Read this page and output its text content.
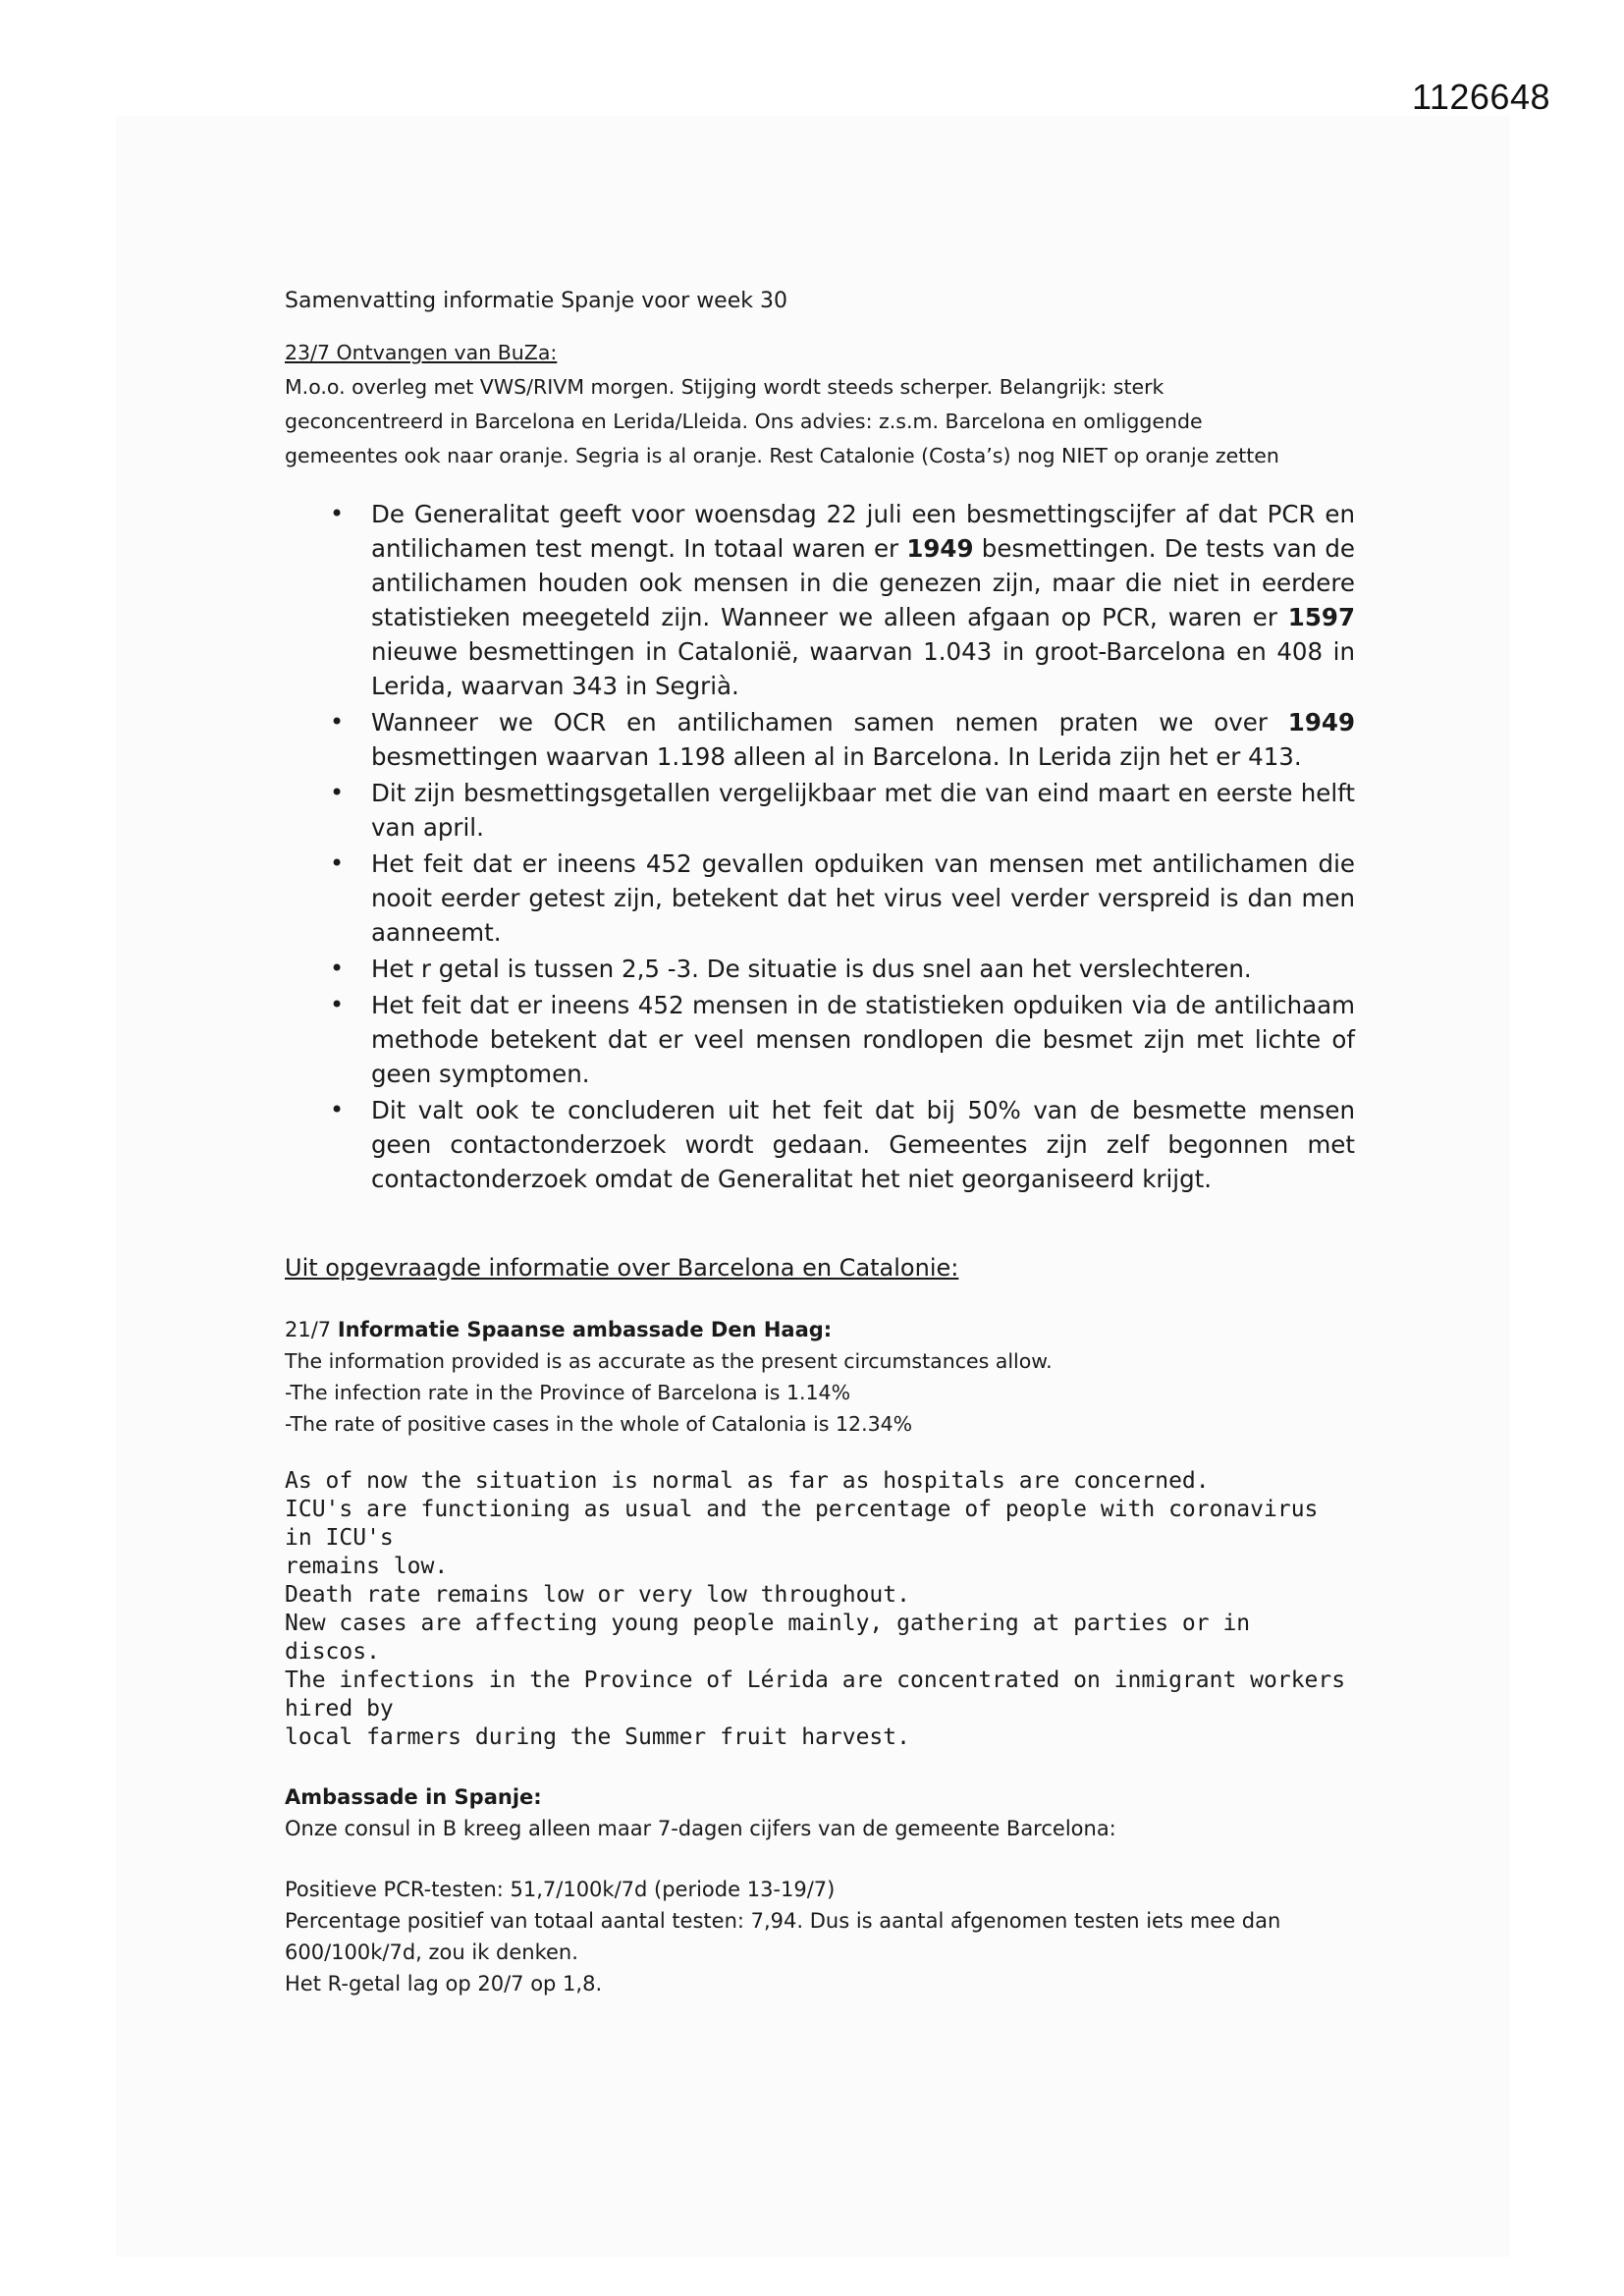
1126648

Samenvatting informatie Spanje voor week 30

23/7 Ontvangen van BuZa:

M.o.o. overleg met VWS/RIVM morgen. Stijging wordt steeds scherper. Belangrijk: sterk

geconcentreerd in Barcelona en Lerida/Lleida. Ons advies: z.s.m. Barcelona en omliggende

gemeentes ook naar oranje. Segria is al oranje. Rest Catalonie (Costa’s) nog NIET op oranje zetten

• De Generalitat geeft voor woensdag 22 juli een besmettingscijfer af dat PCR en antilichamen test mengt. In totaal waren er 1949 besmettingen. De tests van de antilichamen houden ook mensen in die genezen zijn, maar die niet in eerdere statistieken meegeteld zijn. Wanneer we alleen afgaan op PCR, waren er 1597 nieuwe besmettingen in Catalonië, waarvan 1.043 in groot-Barcelona en 408 in Lerida, waarvan 343 in Segrià.
• Wanneer we OCR en antilichamen samen nemen praten we over 1949 besmettingen waarvan 1.198 alleen al in Barcelona. In Lerida zijn het er 413.
• Dit zijn besmettingsgetallen vergelijkbaar met die van eind maart en eerste helft van april.
• Het feit dat er ineens 452 gevallen opduiken van mensen met antilichamen die nooit eerder getest zijn, betekent dat het virus veel verder verspreid is dan men aanneemt.
• Het r getal is tussen 2,5 -3. De situatie is dus snel aan het verslechteren.
• Het feit dat er ineens 452 mensen in de statistieken opduiken via de antilichaam methode betekent dat er veel mensen rondlopen die besmet zijn met lichte of geen symptomen.
• Dit valt ook te concluderen uit het feit dat bij 50% van de besmette mensen geen contactonderzoek wordt gedaan. Gemeentes zijn zelf begonnen met contactonderzoek omdat de Generalitat het niet georganiseerd krijgt.

Uit opgevraagde informatie over Barcelona en Catalonie:

21/7 Informatie Spaanse ambassade Den Haag:

The information provided is as accurate as the present circumstances allow.

-The infection rate in the Province of Barcelona is 1.14%

-The rate of positive cases in the whole of Catalonia is 12.34%

As of now the situation is normal as far as hospitals are concerned.

ICU's are functioning as usual and the percentage of people with coronavirus in ICU's

remains low.

Death rate remains low or very low throughout.

New cases are affecting young people mainly, gathering at parties or in discos.

The infections in the Province of Lérida are concentrated on inmigrant workers hired by

local farmers during the Summer fruit harvest.

Ambassade in Spanje:

Onze consul in B kreeg alleen maar 7-dagen cijfers van de gemeente Barcelona:

Positieve PCR-testen: 51,7/100k/7d (periode 13-19/7)

Percentage positief van totaal aantal testen: 7,94. Dus is aantal afgenomen testen iets mee dan

600/100k/7d, zou ik denken.

Het R-getal lag op 20/7 op 1,8.
